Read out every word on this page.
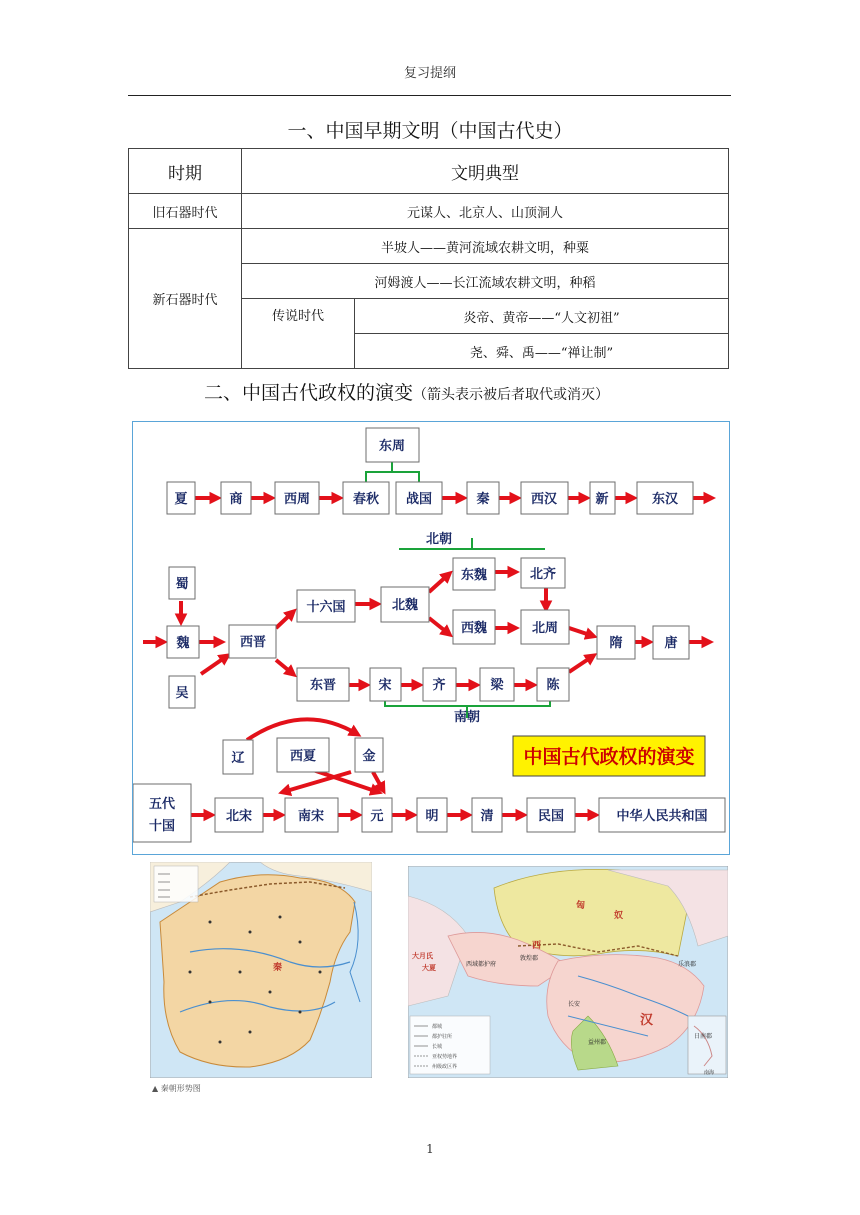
复习提纲
一、中国早期文明（中国古代史）
时期	文明典型	
旧石器时代	元谋人、北京人、山顶洞人	
新石器时代	半坡人——黄河流域农耕文明，种粟	
	河姆渡人——长江流域农耕文明，种稻	
	传说时代	炎帝、黄帝——“人文初祖”
		尧、舜、禹——“禅让制”
二、中国古代政权的演变（箭头表示被后者取代或消灭）
东周
夏	商	西周	春秋 战国	秦	西汉	新	东汉
北朝
蜀
魏
吴
西晋
十六国	北魏
东魏	北齐
西魏	北周
隋	唐
东晋	宋	齐	梁	陈
南朝
辽	西夏	金
五代
十国
北宋	南宋	元	明	清	民国	中华人民共和国
中国古代政权的演变
秦
▲ 秦朝形势图
都城
都护驻所
长城
亚权势地界
州级政区界
匈
奴
西
汉
长安
敦煌郡
西域都护府	乐浪郡
益州郡
日南郡
南海
大月氏
大夏
1
